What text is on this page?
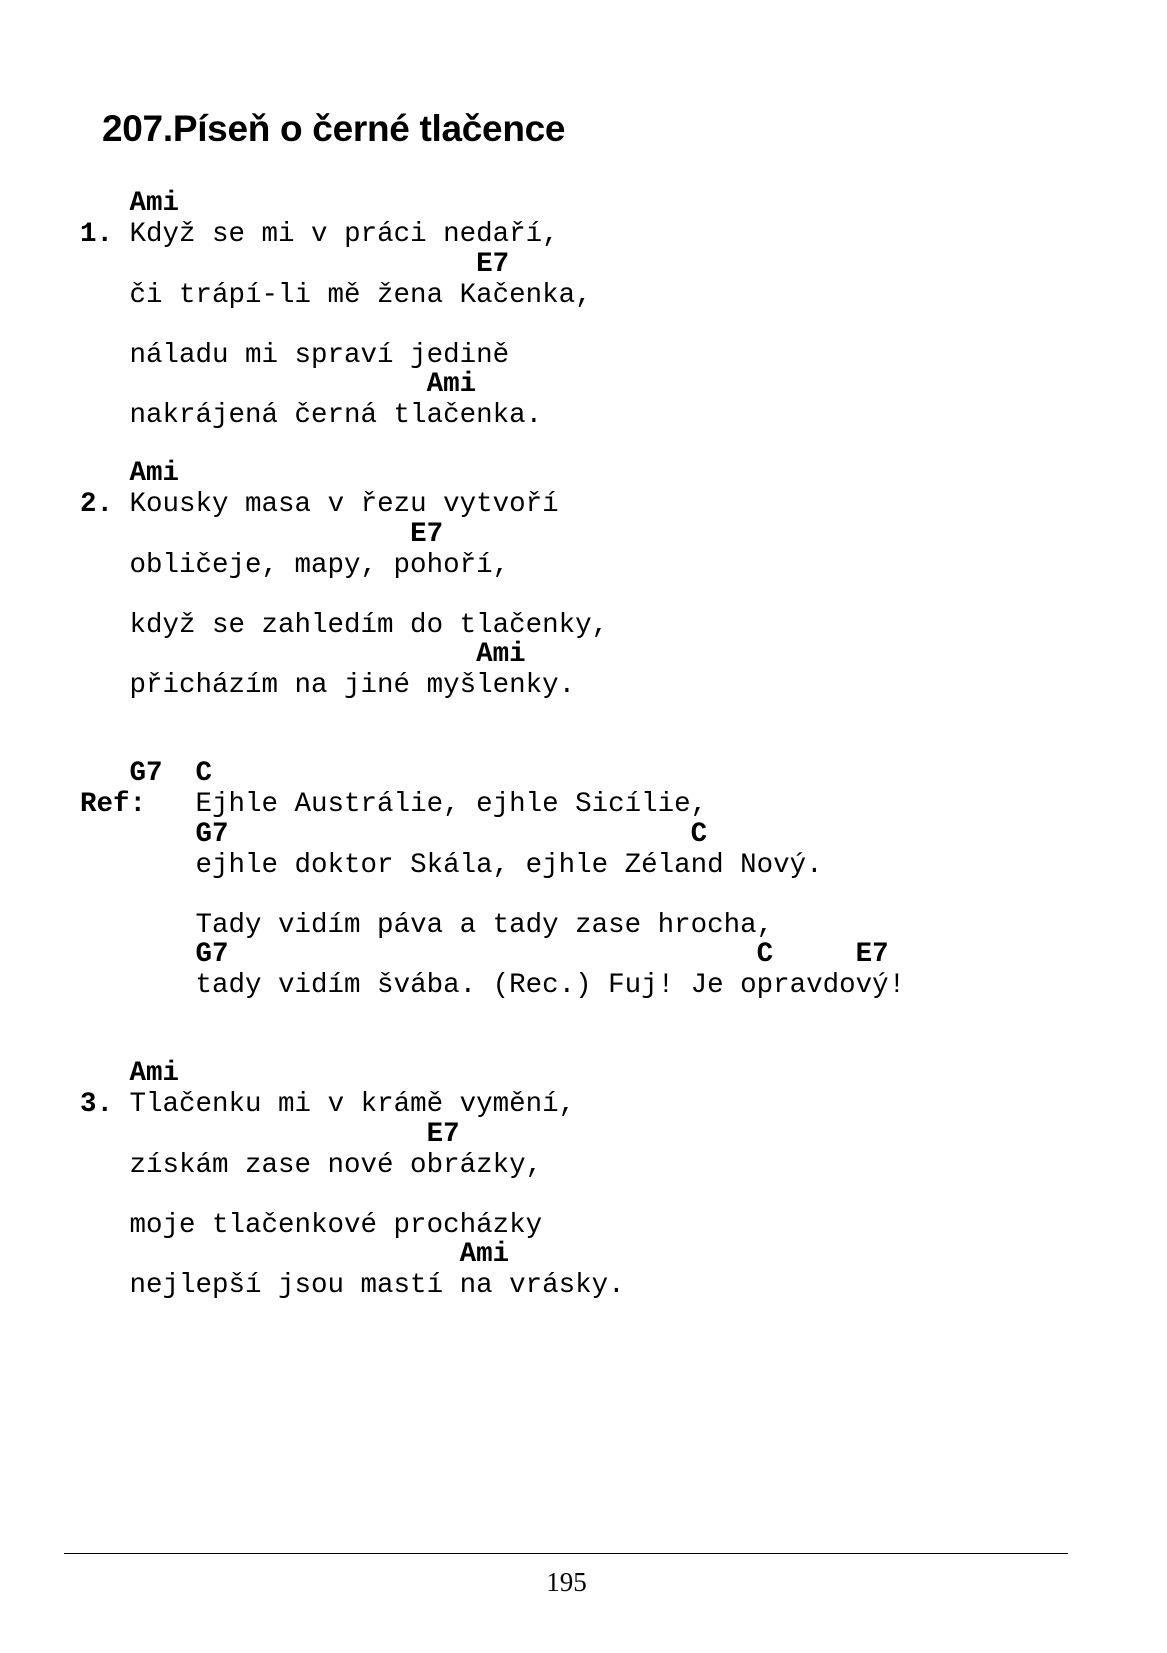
207.Píseň o černé tlačence
Ami
1. Když se mi v práci nedaří,
E7
či trápí-li mě žena Kačenka,
náladu mi spraví jedině
Ami
nakrájená černá tlačenka.
Ami
2. Kousky masa v řezu vytvoří
E7
obličeje, mapy, pohoří,
když se zahledím do tlačenky,
Ami
přicházím na jiné myšlenky.
G7  C
Ref: Ejhle Austrálie, ejhle Sicílie,
G7                            C
ejhle doktor Skála, ejhle Zéland Nový.
Tady vidím páva a tady zase hrocha,
G7                                C     E7
tady vidím švába. (Rec.) Fuj! Je opravdový!
Ami
3. Tlačenku mi v krámě vymění,
E7
získám zase nové obrázky,
moje tlačenkové procházky
Ami
nejlepší jsou mastí na vrásky.
195
